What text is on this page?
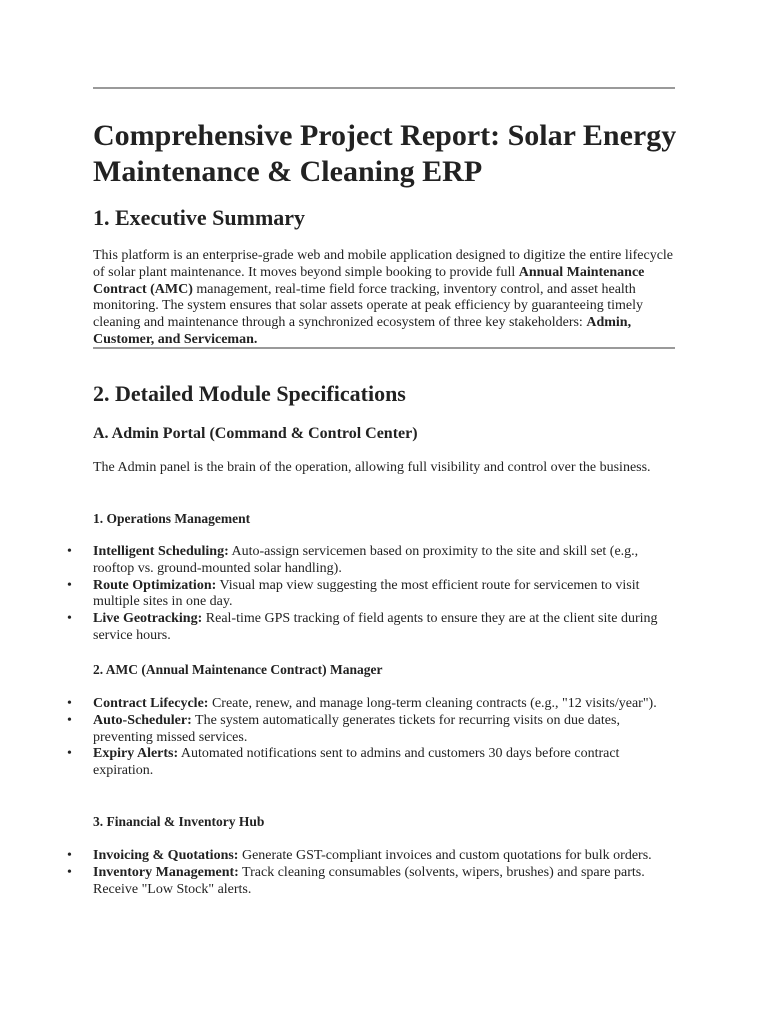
Comprehensive Project Report: Solar Energy Maintenance & Cleaning ERP
1. Executive Summary

This platform is an enterprise-grade web and mobile application designed to digitize the entire lifecycle of solar plant maintenance. It moves beyond simple booking to provide full Annual Maintenance Contract (AMC) management, real-time field force tracking, inventory control, and asset health monitoring. The system ensures that solar assets operate at peak efficiency by guaranteeing timely cleaning and maintenance through a synchronized ecosystem of three key stakeholders: Admin, Customer, and Serviceman.

2. Detailed Module Specifications
A. Admin Portal (Command & Control Center)

The Admin panel is the brain of the operation, allowing full visibility and control over the business.

1. Operations Management
• Intelligent Scheduling: Auto-assign servicemen based on proximity to the site and skill set (e.g., rooftop vs. ground-mounted solar handling).
• Route Optimization: Visual map view suggesting the most efficient route for servicemen to visit multiple sites in one day.
• Live Geotracking: Real-time GPS tracking of field agents to ensure they are at the client site during service hours.
2. AMC (Annual Maintenance Contract) Manager
• Contract Lifecycle: Create, renew, and manage long-term cleaning contracts (e.g., "12 visits/year").
• Auto-Scheduler: The system automatically generates tickets for recurring visits on due dates, preventing missed services.
• Expiry Alerts: Automated notifications sent to admins and customers 30 days before contract expiration.
3. Financial & Inventory Hub
• Invoicing & Quotations: Generate GST-compliant invoices and custom quotations for bulk orders.
• Inventory Management: Track cleaning consumables (solvents, wipers, brushes) and spare parts. Receive "Low Stock" alerts.
